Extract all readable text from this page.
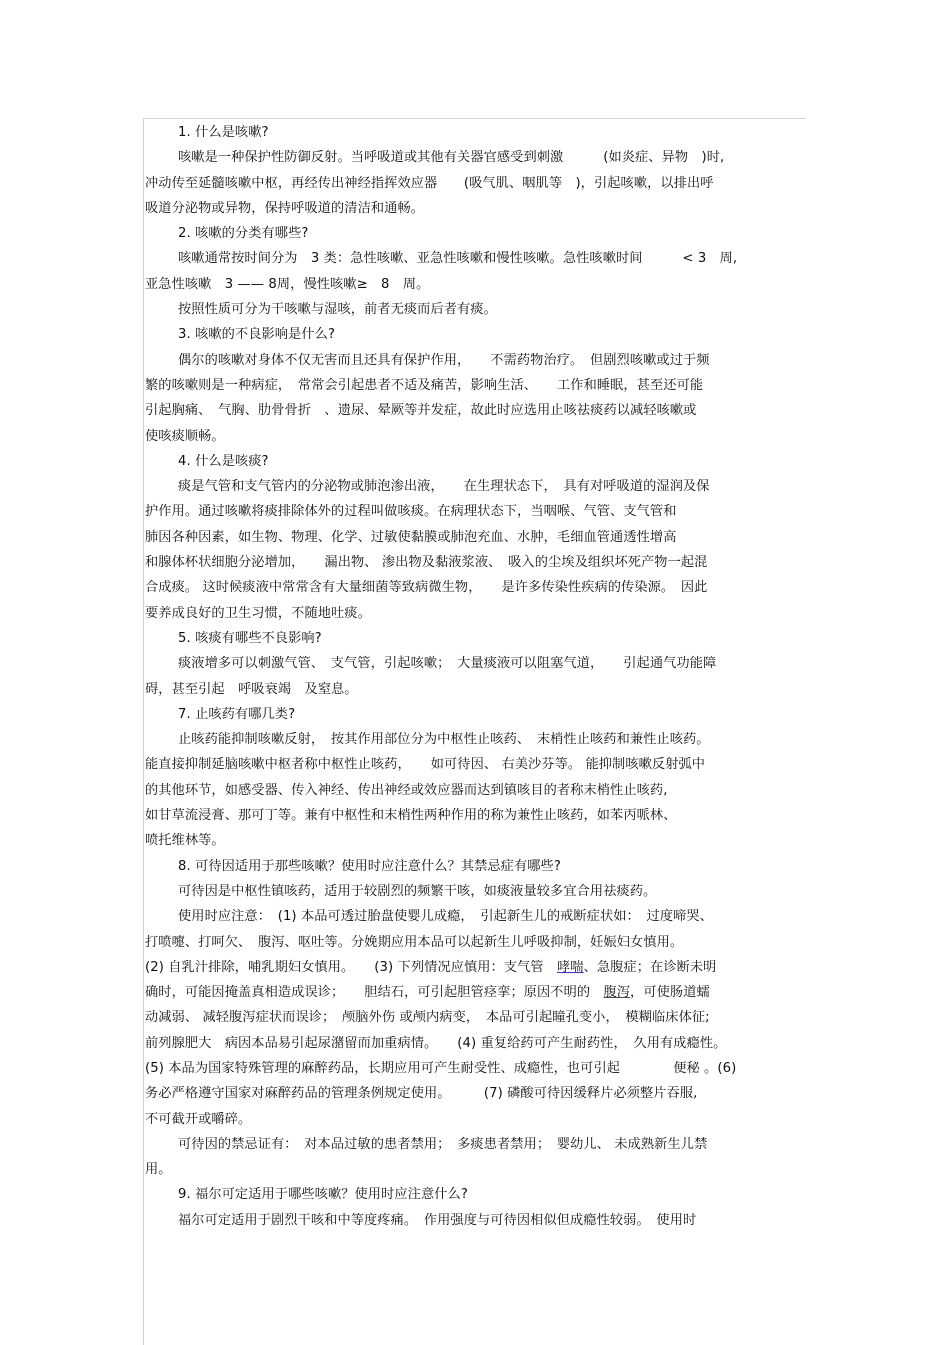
1. 什么是咳嗽?

咳嗽是一种保护性防御反射。当呼吸道或其他有关器官感受到刺激　　　(如炎症、异物　)时,

冲动传至延髓咳嗽中枢，再经传出神经指挥效应器　　(吸气肌、咽肌等　)，引起咳嗽，以排出呼

吸道分泌物或异物，保持呼吸道的清洁和通畅。

2. 咳嗽的分类有哪些?

咳嗽通常按时间分为　3 类：急性咳嗽、亚急性咳嗽和慢性咳嗽。急性咳嗽时间　　　< 3　周,

亚急性咳嗽　3 —— 8周，慢性咳嗽≥　8　周。

按照性质可分为干咳嗽与湿咳，前者无痰而后者有痰。

3. 咳嗽的不良影响是什么?

偶尔的咳嗽对身体不仅无害而且还具有保护作用，　　不需药物治疗。　但剧烈咳嗽或过于频

繁的咳嗽则是一种病症，　常常会引起患者不适及痛苦，影响生活、　　工作和睡眠，甚至还可能

引起胸痛、　气胸、肋骨骨折　、遗尿、晕厥等并发症，故此时应选用止咳祛痰药以减轻咳嗽或

使咳痰顺畅。

4. 什么是咳痰?

痰是气管和支气管内的分泌物或肺泡渗出液，　　在生理状态下，　具有对呼吸道的湿润及保

护作用。通过咳嗽将痰排除体外的过程叫做咳痰。在病理状态下，当咽喉、气管、支气管和

肺因各种因素，如生物、物理、化学、过敏使黏膜或肺泡充血、水肿，毛细血管通透性增高

和腺体杯状细胞分泌增加，　　漏出物、 渗出物及黏液浆液、　吸入的尘埃及组织坏死产物一起混

合成痰。 这时候痰液中常常含有大量细菌等致病微生物，　　是许多传染性疾病的传染源。　因此

要养成良好的卫生习惯，不随地吐痰。

5. 咳痰有哪些不良影响?

痰液增多可以刺激气管、　支气管，引起咳嗽；　大量痰液可以阻塞气道，　　引起通气功能障

碍，甚至引起　呼吸衰竭　及窒息。

7. 止咳药有哪几类?

止咳药能抑制咳嗽反射，　按其作用部位分为中枢性止咳药、　末梢性止咳药和兼性止咳药。

能直接抑制延脑咳嗽中枢者称中枢性止咳药，　　如可待因、 右美沙芬等。 能抑制咳嗽反射弧中

的其他环节，如感受器、传入神经、传出神经或效应器而达到镇咳目的者称末梢性止咳药,

如甘草流浸膏、那可丁等。兼有中枢性和末梢性两种作用的称为兼性止咳药，如苯丙哌林、

喷托维林等。

8. 可待因适用于那些咳嗽？使用时应注意什么？其禁忌症有哪些?

可待因是中枢性镇咳药，适用于较剧烈的频繁干咳，如痰液量较多宜合用祛痰药。

使用时应注意：　(1) 本品可透过胎盘使婴儿成瘾，　引起新生儿的戒断症状如：　过度啼哭、

打喷嚏、打呵欠、　腹泻、呕吐等。分娩期应用本品可以起新生儿呼吸抑制，妊娠妇女慎用。

(2) 自乳汁排除，哺乳期妇女慎用。　　(3) 下列情况应慎用：支气管　 哮喘、急腹症；在诊断未明

确时，可能因掩盖真相造成误诊；　　胆结石，可引起胆管痉挛；原因不明的　 腹泻，可使肠道蠕

动减弱、 减轻腹泻症状而误诊；　颅脑外伤 或颅内病变，　本品可引起瞳孔变小，　模糊临床体征;

前列腺肥大　病因本品易引起尿潴留而加重病情。　　(4) 重复给药可产生耐药性，　久用有成瘾性。

(5) 本品为国家特殊管理的麻醉药品，长期应用可产生耐受性、成瘾性，也可引起　　　　便秘 。(6)

务必严格遵守国家对麻醉药品的管理条例规定使用。　　　(7) 磷酸可待因缓释片必须整片吞服,

不可截开或嚼碎。

可待因的禁忌证有：　对本品过敏的患者禁用；　多痰患者禁用；　婴幼儿、 未成熟新生儿禁

用。

9. 福尔可定适用于哪些咳嗽？使用时应注意什么?

福尔可定适用于剧烈干咳和中等度疼痛。　作用强度与可待因相似但成瘾性较弱。　使用时
